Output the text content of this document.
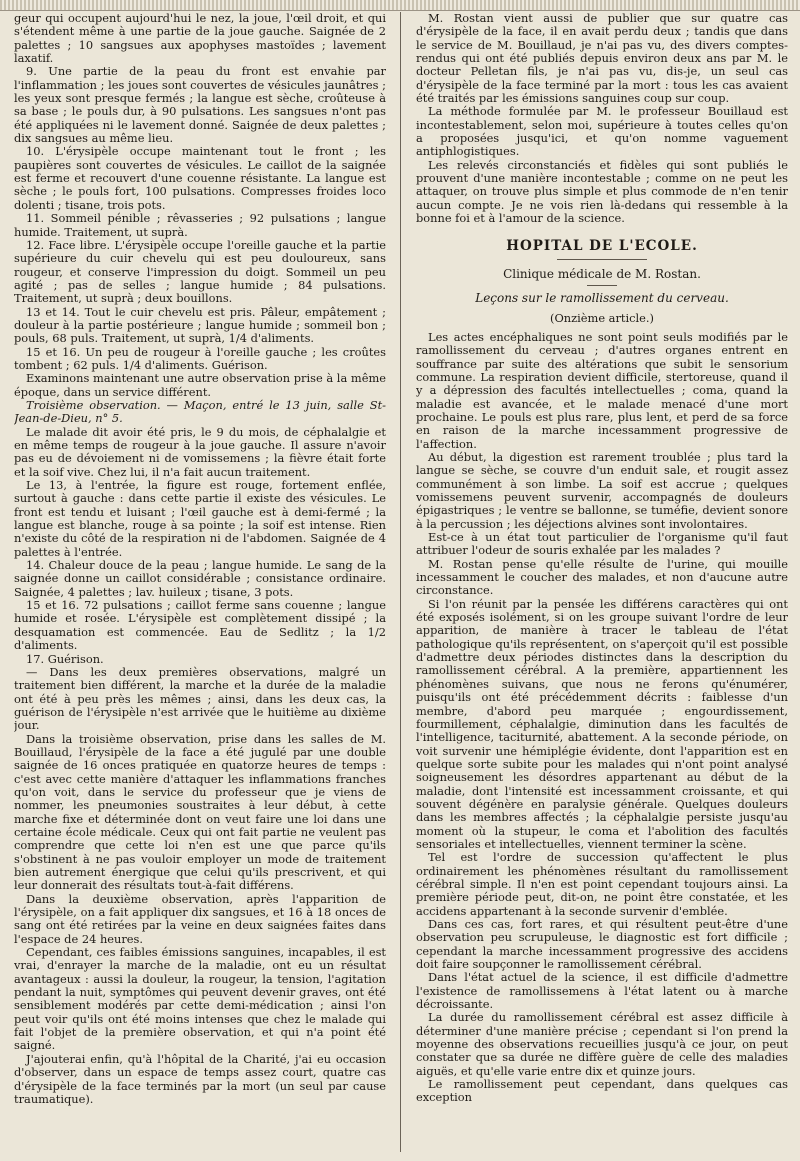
geur qui occupent aujourd'hui le nez, la joue, l'œil droit, et qui s'étendent même à une partie de la joue gauche. Saignée de 2 palettes ; 10 sangsues aux apophyses mastoïdes ; lavement laxatif.

9. Une partie de la peau du front est envahie par l'inflammation ; les joues sont couvertes de vésicules jaunâtres ; les yeux sont presque fermés ; la langue est sèche, croûteuse à sa base ; le pouls dur, à 90 pulsations. Les sangsues n'ont pas été appliquées ni le lavement donné. Saignée de deux palettes ; dix sangsues au même lieu.

10. L'érysipèle occupe maintenant tout le front ; les paupières sont couvertes de vésicules. Le caillot de la saignée est ferme et recouvert d'une couenne résistante. La langue est sèche ; le pouls fort, 100 pulsations. Compresses froides loco dolenti ; tisane, trois pots.

11. Sommeil pénible ; rêvasseries ; 92 pulsations ; langue humide. Traitement, ut suprà.

12. Face libre. L'érysipèle occupe l'oreille gauche et la partie supérieure du cuir chevelu qui est peu douloureux, sans rougeur, et conserve l'impression du doigt. Sommeil un peu agité ; pas de selles ; langue humide ; 84 pulsations. Traitement, ut suprà ; deux bouillons.

13 et 14. Tout le cuir chevelu est pris. Pâleur, empâtement ; douleur à la partie postérieure ; langue humide ; sommeil bon ; pouls, 68 puls. Traitement, ut suprà, 1/4 d'aliments.

15 et 16. Un peu de rougeur à l'oreille gauche ; les croûtes tombent ; 62 puls. 1/4 d'aliments. Guérison.

Examinons maintenant une autre observation prise à la même époque, dans un service différent.

Troisième observation. — Maçon, entré le 13 juin, salle St-Jean-de-Dieu, n° 5.

Le malade dit avoir été pris, le 9 du mois, de céphalalgie et en même temps de rougeur à la joue gauche. Il assure n'avoir pas eu de dévoiement ni de vomissemens ; la fièvre était forte et la soif vive. Chez lui, il n'a fait aucun traitement.

Le 13, à l'entrée, la figure est rouge, fortement enflée, surtout à gauche : dans cette partie il existe des vésicules. Le front est tendu et luisant ; l'œil gauche est à demi-fermé ; la langue est blanche, rouge à sa pointe ; la soif est intense. Rien n'existe du côté de la respiration ni de l'abdomen. Saignée de 4 palettes à l'entrée.

14. Chaleur douce de la peau ; langue humide. Le sang de la saignée donne un caillot considérable ; consistance ordinaire. Saignée, 4 palettes ; lav. huileux ; tisane, 3 pots.

15 et 16. 72 pulsations ; caillot ferme sans couenne ; langue humide et rosée. L'érysipèle est complètement dissipé ; la desquamation est commencée. Eau de Sedlitz ; la 1/2 d'aliments.

17. Guérison.

— Dans les deux premières observations, malgré un traitement bien différent, la marche et la durée de la maladie ont été à peu près les mêmes ; ainsi, dans les deux cas, la guérison de l'érysipèle n'est arrivée que le huitième au dixième jour.

Dans la troisième observation, prise dans les salles de M. Bouillaud, l'érysipèle de la face a été jugulé par une double saignée de 16 onces pratiquée en quatorze heures de temps : c'est avec cette manière d'attaquer les inflammations franches qu'on voit, dans le service du professeur que je viens de nommer, les pneumonies soustraites à leur début, à cette marche fixe et déterminée dont on veut faire une loi dans une certaine école médicale. Ceux qui ont fait partie ne veulent pas comprendre que cette loi n'en est une que parce qu'ils s'obstinent à ne pas vouloir employer un mode de traitement bien autrement énergique que celui qu'ils prescrivent, et qui leur donnerait des résultats tout-à-fait différens.

Dans la deuxième observation, après l'apparition de l'érysipèle, on a fait appliquer dix sangsues, et 16 à 18 onces de sang ont été retirées par la veine en deux saignées faites dans l'espace de 24 heures.

Cependant, ces faibles émissions sanguines, incapables, il est vrai, d'enrayer la marche de la maladie, ont eu un résultat avantageux : aussi la douleur, la rougeur, la tension, l'agitation pendant la nuit, symptômes qui peuvent devenir graves, ont été sensiblement modérés par cette demi-médication ; ainsi l'on peut voir qu'ils ont été moins intenses que chez le malade qui fait l'objet de la première observation, et qui n'a point été saigné.

J'ajouterai enfin, qu'à l'hôpital de la Charité, j'ai eu occasion d'observer, dans un espace de temps assez court, quatre cas d'érysipèle de la face terminés par la mort (un seul par cause traumatique).

M. Rostan vient aussi de publier que sur quatre cas d'érysipèle de la face, il en avait perdu deux ; tandis que dans le service de M. Bouillaud, je n'ai pas vu, des divers comptes-rendus qui ont été publiés depuis environ deux ans par M. le docteur Pelletan fils, je n'ai pas vu, dis-je, un seul cas d'érysipèle de la face terminé par la mort : tous les cas avaient été traités par les émissions sanguines coup sur coup.

La méthode formulée par M. le professeur Bouillaud est incontestablement, selon moi, supérieure à toutes celles qu'on a proposées jusqu'ici, et qu'on nomme vaguement antiphlogistiques.

Les relevés circonstanciés et fidèles qui sont publiés le prouvent d'une manière incontestable ; comme on ne peut les attaquer, on trouve plus simple et plus commode de n'en tenir aucun compte. Je ne vois rien là-dedans qui ressemble à la bonne foi et à l'amour de la science.

HOPITAL DE L'ECOLE.

Clinique médicale de M. Rostan.

Leçons sur le ramollissement du cerveau.

(Onzième article.)

Les actes encéphaliques ne sont point seuls modifiés par le ramollissement du cerveau ; d'autres organes entrent en souffrance par suite des altérations que subit le sensorium commune. La respiration devient difficile, stertoreuse, quand il y a dépression des facultés intellectuelles ; coma, quand la maladie est avancée, et le malade menacé d'une mort prochaine. Le pouls est plus rare, plus lent, et perd de sa force en raison de la marche incessamment progressive de l'affection.

Au début, la digestion est rarement troublée ; plus tard la langue se sèche, se couvre d'un enduit sale, et rougit assez communément à son limbe. La soif est accrue ; quelques vomissemens peuvent survenir, accompagnés de douleurs épigastriques ; le ventre se ballonne, se tuméfie, devient sonore à la percussion ; les déjections alvines sont involontaires.

Est-ce à un état tout particulier de l'organisme qu'il faut attribuer l'odeur de souris exhalée par les malades ?

M. Rostan pense qu'elle résulte de l'urine, qui mouille incessamment le coucher des malades, et non d'aucune autre circonstance.

Si l'on réunit par la pensée les différens caractères qui ont été exposés isolément, si on les groupe suivant l'ordre de leur apparition, de manière à tracer le tableau de l'état pathologique qu'ils représentent, on s'aperçoit qu'il est possible d'admettre deux périodes distinctes dans la description du ramollissement cérébral. A la première, appartiennent les phénomènes suivans, que nous ne ferons qu'énumérer, puisqu'ils ont été précédemment décrits : faiblesse d'un membre, d'abord peu marquée ; engourdissement, fourmillement, céphalalgie, diminution dans les facultés de l'intelligence, taciturnité, abattement. A la seconde période, on voit survenir une hémiplégie évidente, dont l'apparition est en quelque sorte subite pour les malades qui n'ont point analysé soigneusement les désordres appartenant au début de la maladie, dont l'intensité est incessamment croissante, et qui souvent dégénère en paralysie générale. Quelques douleurs dans les membres affectés ; la céphalalgie persiste jusqu'au moment où la stupeur, le coma et l'abolition des facultés sensoriales et intellectuelles, viennent terminer la scène.

Tel est l'ordre de succession qu'affectent le plus ordinairement les phénomènes résultant du ramollissement cérébral simple. Il n'en est point cependant toujours ainsi. La première période peut, dit-on, ne point être constatée, et les accidens appartenant à la seconde survenir d'emblée.

Dans ces cas, fort rares, et qui résultent peut-être d'une observation peu scrupuleuse, le diagnostic est fort difficile ; cependant la marche incessamment progressive des accidens doit faire soupçonner le ramollissement cérébral.

Dans l'état actuel de la science, il est difficile d'admettre l'existence de ramollissemens à l'état latent ou à marche décroissante.

La durée du ramollissement cérébral est assez difficile à déterminer d'une manière précise ; cependant si l'on prend la moyenne des observations recueillies jusqu'à ce jour, on peut constater que sa durée ne diffère guère de celle des maladies aiguës, et qu'elle varie entre dix et quinze jours.

Le ramollissement peut cependant, dans quelques cas exception
